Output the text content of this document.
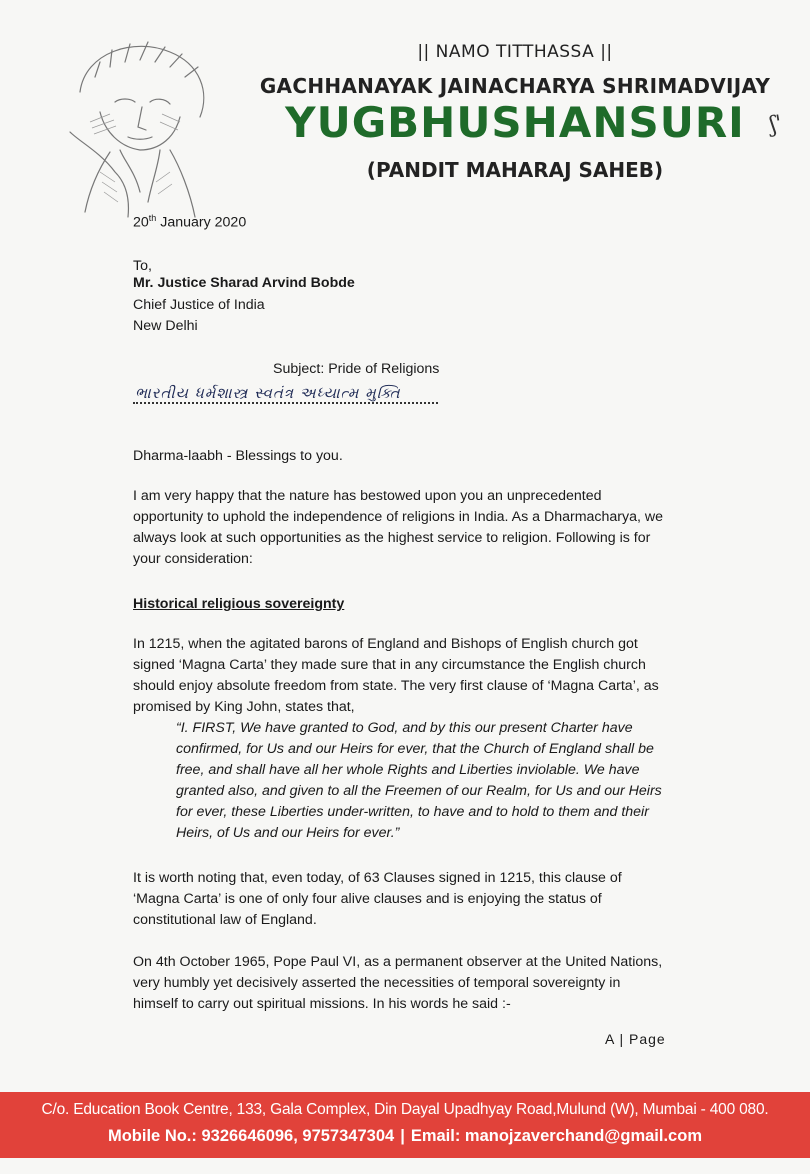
|| NAMO TITTHASSA ||
GACHHANAYAK JAINACHARYA SHRIMADVIJAY
YUGBHUSHANSURI
(PANDIT MAHARAJ SAHEB)
ʃ'
20th January 2020
To,
Mr. Justice Sharad Arvind Bobde
Chief Justice of India
New Delhi
Subject: Pride of Religions
ભારતીય ધર્મશાસ્ત્ર સ્વતંત્ર અધ્યાત્મ મુક્તિ
Dharma-laabh - Blessings to you.
I am very happy that the nature has bestowed upon you an unprecedented
opportunity to uphold the independence of religions in India. As a Dharmacharya, we
always look at such opportunities as the highest service to religion. Following is for
your consideration:
Historical religious sovereignty
In 1215, when the agitated barons of England and Bishops of English church got
signed ‘Magna Carta’ they made sure that in any circumstance the English church
should enjoy absolute freedom from state. The very first clause of ‘Magna Carta’, as
promised by King John, states that,
“I. FIRST, We have granted to God, and by this our present Charter have
confirmed, for Us and our Heirs for ever, that the Church of England shall be
free, and shall have all her whole Rights and Liberties inviolable. We have
granted also, and given to all the Freemen of our Realm, for Us and our Heirs
for ever, these Liberties under-written, to have and to hold to them and their
Heirs, of Us and our Heirs for ever.”
It is worth noting that, even today, of 63 Clauses signed in 1215, this clause of
‘Magna Carta’ is one of only four alive clauses and is enjoying the status of
constitutional law of England.
On 4th October 1965, Pope Paul VI, as a permanent observer at the United Nations,
very humbly yet decisively asserted the necessities of temporal sovereignty in
himself to carry out spiritual missions. In his words he said :-
A | Page
C/o. Education Book Centre, 133, Gala Complex, Din Dayal Upadhyay Road,Mulund (W), Mumbai - 400 080.
Mobile No.: 9326646096, 9757347304 | Email: manojzaverchand@gmail.com
